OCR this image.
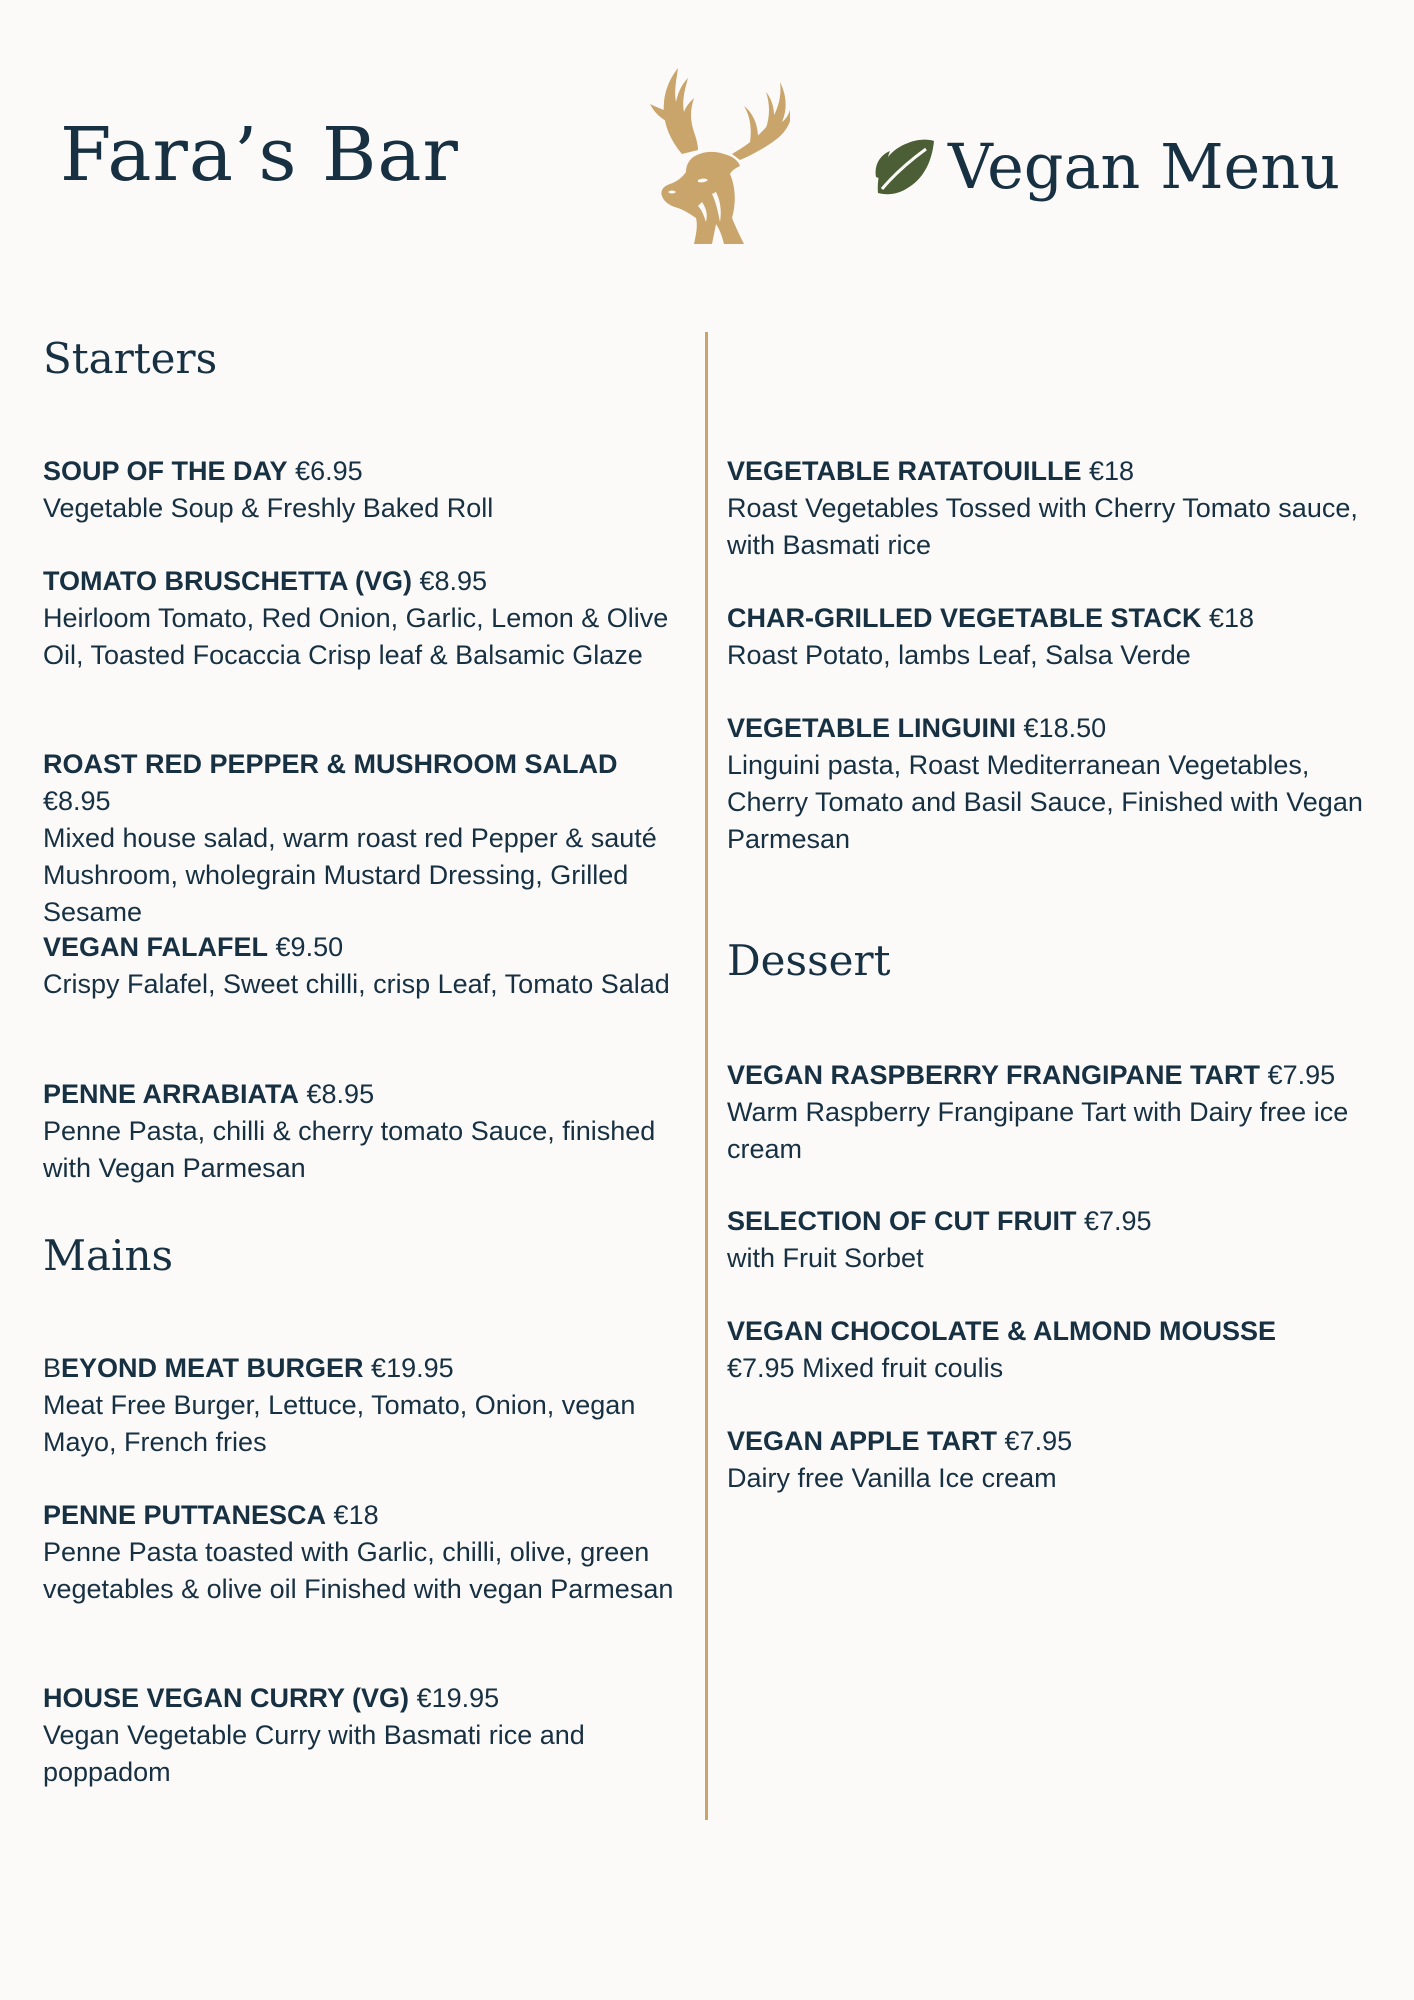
Fara’s Bar	Vegan Menu
Starters
SOUP OF THE DAY €6.95
Vegetable Soup & Freshly Baked Roll
TOMATO BRUSCHETTA (VG) €8.95
Heirloom Tomato, Red Onion, Garlic, Lemon & Olive Oil, Toasted Focaccia Crisp leaf & Balsamic Glaze
ROAST RED PEPPER & MUSHROOM SALAD €8.95
Mixed house salad, warm roast red Pepper & sauté Mushroom, wholegrain Mustard Dressing, Grilled Sesame
VEGAN FALAFEL €9.50
Crispy Falafel, Sweet chilli, crisp Leaf, Tomato Salad
PENNE ARRABIATA €8.95
Penne Pasta, chilli & cherry tomato Sauce, finished with Vegan Parmesan
Mains
BEYOND MEAT BURGER €19.95
Meat Free Burger, Lettuce, Tomato, Onion, vegan Mayo, French fries
PENNE PUTTANESCA €18
Penne Pasta toasted with Garlic, chilli, olive, green vegetables & olive oil Finished with vegan Parmesan
HOUSE VEGAN CURRY (VG) €19.95
Vegan Vegetable Curry with Basmati rice and poppadom
VEGETABLE RATATOUILLE €18
Roast Vegetables Tossed with Cherry Tomato sauce, with Basmati rice
CHAR-GRILLED VEGETABLE STACK €18
Roast Potato, lambs Leaf, Salsa Verde
VEGETABLE LINGUINI €18.50
Linguini pasta, Roast Mediterranean Vegetables, Cherry Tomato and Basil Sauce, Finished with Vegan Parmesan
Dessert
VEGAN RASPBERRY FRANGIPANE TART €7.95
Warm Raspberry Frangipane Tart with Dairy free ice cream
SELECTION OF CUT FRUIT €7.95
with Fruit Sorbet
VEGAN CHOCOLATE & ALMOND MOUSSE
€7.95 Mixed fruit coulis
VEGAN APPLE TART €7.95
Dairy free Vanilla Ice cream
